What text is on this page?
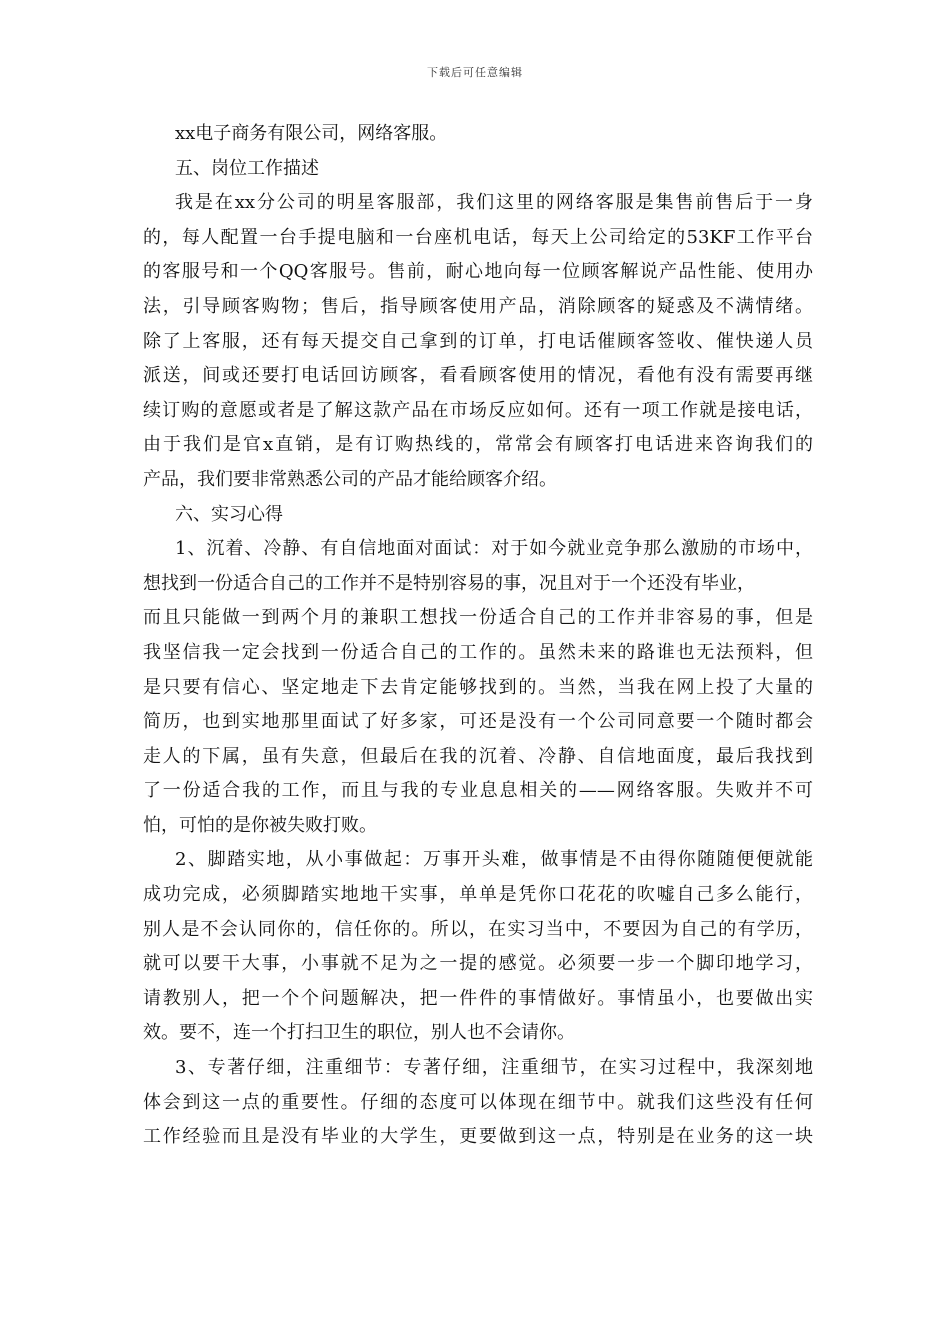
下载后可任意编辑
xx电子商务有限公司，网络客服。
五、岗位工作描述
我是在xx分公司的明星客服部，我们这里的网络客服是集售前售后于一身
的，每人配置一台手提电脑和一台座机电话，每天上公司给定的53KF工作平台
的客服号和一个QQ客服号。售前，耐心地向每一位顾客解说产品性能、使用办
法，引导顾客购物；售后，指导顾客使用产品，消除顾客的疑惑及不满情绪。
除了上客服，还有每天提交自己拿到的订单，打电话催顾客签收、催快递人员
派送，间或还要打电话回访顾客，看看顾客使用的情况，看他有没有需要再继
续订购的意愿或者是了解这款产品在市场反应如何。还有一项工作就是接电话，
由于我们是官x直销，是有订购热线的，常常会有顾客打电话进来咨询我们的
产品，我们要非常熟悉公司的产品才能给顾客介绍。
六、实习心得
1、沉着、冷静、有自信地面对面试：对于如今就业竞争那么激励的市场中，
想找到一份适合自己的工作并不是特别容易的事，况且对于一个还没有毕业，
而且只能做一到两个月的兼职工想找一份适合自己的工作并非容易的事，但是
我坚信我一定会找到一份适合自己的工作的。虽然未来的路谁也无法预料，但
是只要有信心、坚定地走下去肯定能够找到的。当然，当我在网上投了大量的
简历，也到实地那里面试了好多家，可还是没有一个公司同意要一个随时都会
走人的下属，虽有失意，但最后在我的沉着、冷静、自信地面度，最后我找到
了一份适合我的工作，而且与我的专业息息相关的——网络客服。失败并不可
怕，可怕的是你被失败打败。
2、脚踏实地，从小事做起：万事开头难，做事情是不由得你随随便便就能
成功完成，必须脚踏实地地干实事，单单是凭你口花花的吹嘘自己多么能行，
别人是不会认同你的，信任你的。所以，在实习当中，不要因为自己的有学历，
就可以要干大事，小事就不足为之一提的感觉。必须要一步一个脚印地学习，
请教别人，把一个个问题解决，把一件件的事情做好。事情虽小，也要做出实
效。要不，连一个打扫卫生的职位，别人也不会请你。
3、专著仔细，注重细节：专著仔细，注重细节，在实习过程中，我深刻地
体会到这一点的重要性。仔细的态度可以体现在细节中。就我们这些没有任何
工作经验而且是没有毕业的大学生，更要做到这一点，特别是在业务的这一块
